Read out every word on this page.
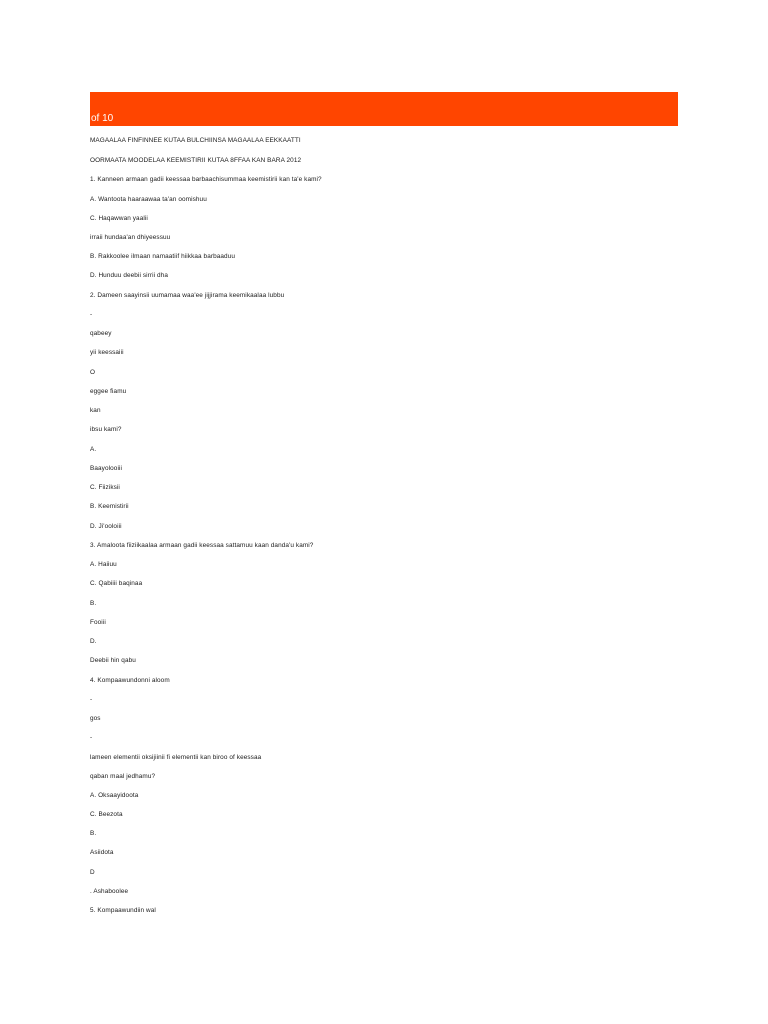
of 10
MAGAALAA FINFINNEE KUTAA BULCHIINSA MAGAALAA EEKKAATTI
OORMAATA MOODELAA KEEMISTIRII KUTAA 8FFAA KAN BARA 2012
1. Kanneen armaan gadii keessaa barbaachisummaa keemistirii kan ta'e kami?
A. Wantoota haaraawaa ta'an oomishuu
C. Haqawwan yaalii
irraii hundaa'an dhiyeessuu
B. Rakkoolee ilmaan namaatiif hiikkaa barbaaduu
D. Hunduu deebii sirrii dha
2. Dameen saayinsii uumamaa waa'ee jijjirama keemikaalaa lubbu
-
qabeey
yii keessaiii
O
eggee fiamu
kan
ibsu kami?
A.
Baayolooiii
C. Fiiziksii
B. Keemistirii
D. Ji'ooloiii
3. Amaloota fiiziikaalaa armaan gadii keessaa sattamuu kaan danda'u kami?
A. Haiiuu
C. Qabiiii baqinaa
B.
Fooiii
D.
Deebii hin qabu
4. Kompaawundonni aloom
-
gos
-
lameen elementii oksijiinii fi elementii kan biroo of keessaa
qaban maal jedhamu?
A. Oksaayidoota
C. Beezota
B.
Asiidota
D
. Ashaboolee
5. Kompaawundiin wal
